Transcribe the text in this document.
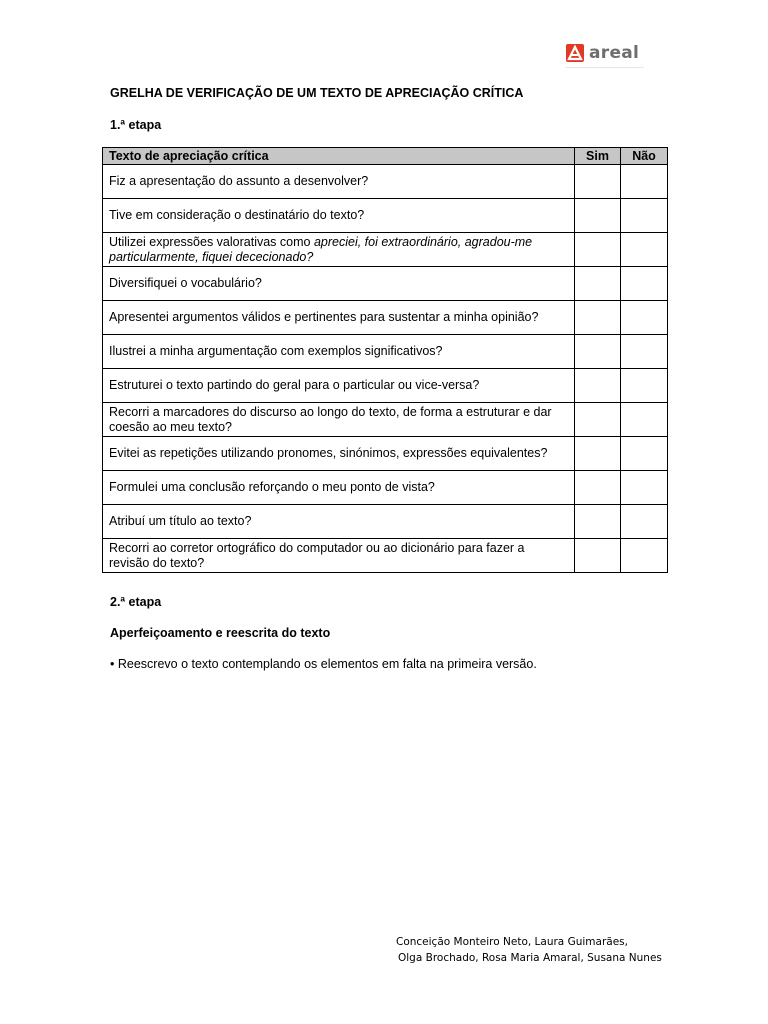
areal
GRELHA DE VERIFICAÇÃO DE UM TEXTO DE APRECIAÇÃO CRÍTICA
1.ª etapa
Texto de apreciação crítica	Sim	Não
Fiz a apresentação do assunto a desenvolver?		
Tive em consideração o destinatário do texto?		
Utilizei expressões valorativas como apreciei, foi extraordinário, agradou-me particularmente, fiquei dececionado?		
Diversifiquei o vocabulário?		
Apresentei argumentos válidos e pertinentes para sustentar a minha opinião?		
Ilustrei a minha argumentação com exemplos significativos?		
Estruturei o texto partindo do geral para o particular ou vice-versa?		
Recorri a marcadores do discurso ao longo do texto, de forma a estruturar e dar coesão ao meu texto?		
Evitei as repetições utilizando pronomes, sinónimos, expressões equivalentes?		
Formulei uma conclusão reforçando o meu ponto de vista?		
Atribuí um título ao texto?		
Recorri ao corretor ortográfico do computador ou ao dicionário para fazer a revisão do texto?		
2.ª etapa
Aperfeiçoamento e reescrita do texto
• Reescrevo o texto contemplando os elementos em falta na primeira versão.
Conceição Monteiro Neto, Laura Guimarães,
Olga Brochado, Rosa Maria Amaral, Susana Nunes
